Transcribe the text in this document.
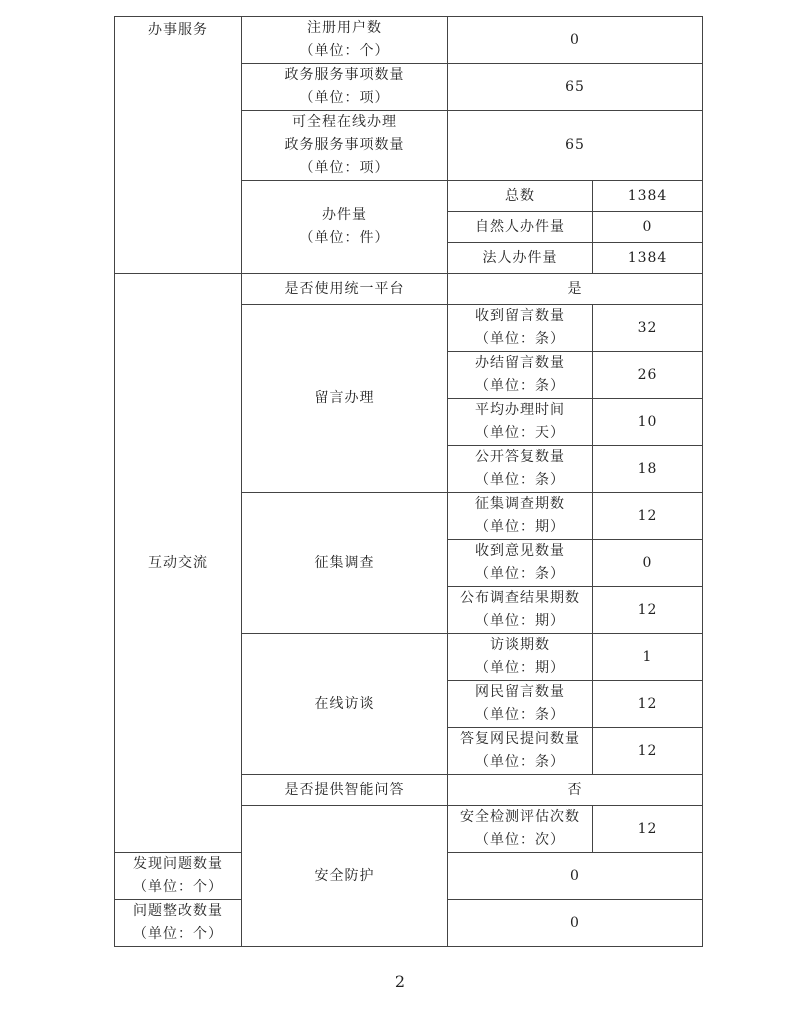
办事服务	注册用户数
（单位：个）	0	

	政务服务事项数量
（单位：项）	65	

	可全程在线办理
政务服务事项数量
（单位：项）	65	

	办件量
（单位：件）	总数	1384
		自然人办件量	0
		法人办件量	1384
互动交流	是否使用统一平台	是	
	留言办理	收到留言数量
（单位：条）	32

		办结留言数量
（单位：条）	26

		平均办理时间
（单位：天）	10

		公开答复数量
（单位：条）	18
	征集调查	征集调查期数
（单位：期）	12

		收到意见数量
（单位：条）	0

		公布调查结果期数
（单位：期）	12
	在线访谈	访谈期数
（单位：期）	1

		网民留言数量
（单位：条）	12

		答复网民提问数量
（单位：条）	12
	是否提供智能问答	否	
	安全防护	安全检测评估次数
（单位：次）	12

发现问题数量
（单位：个）		0	

问题整改数量
（单位：个）		0	
2
